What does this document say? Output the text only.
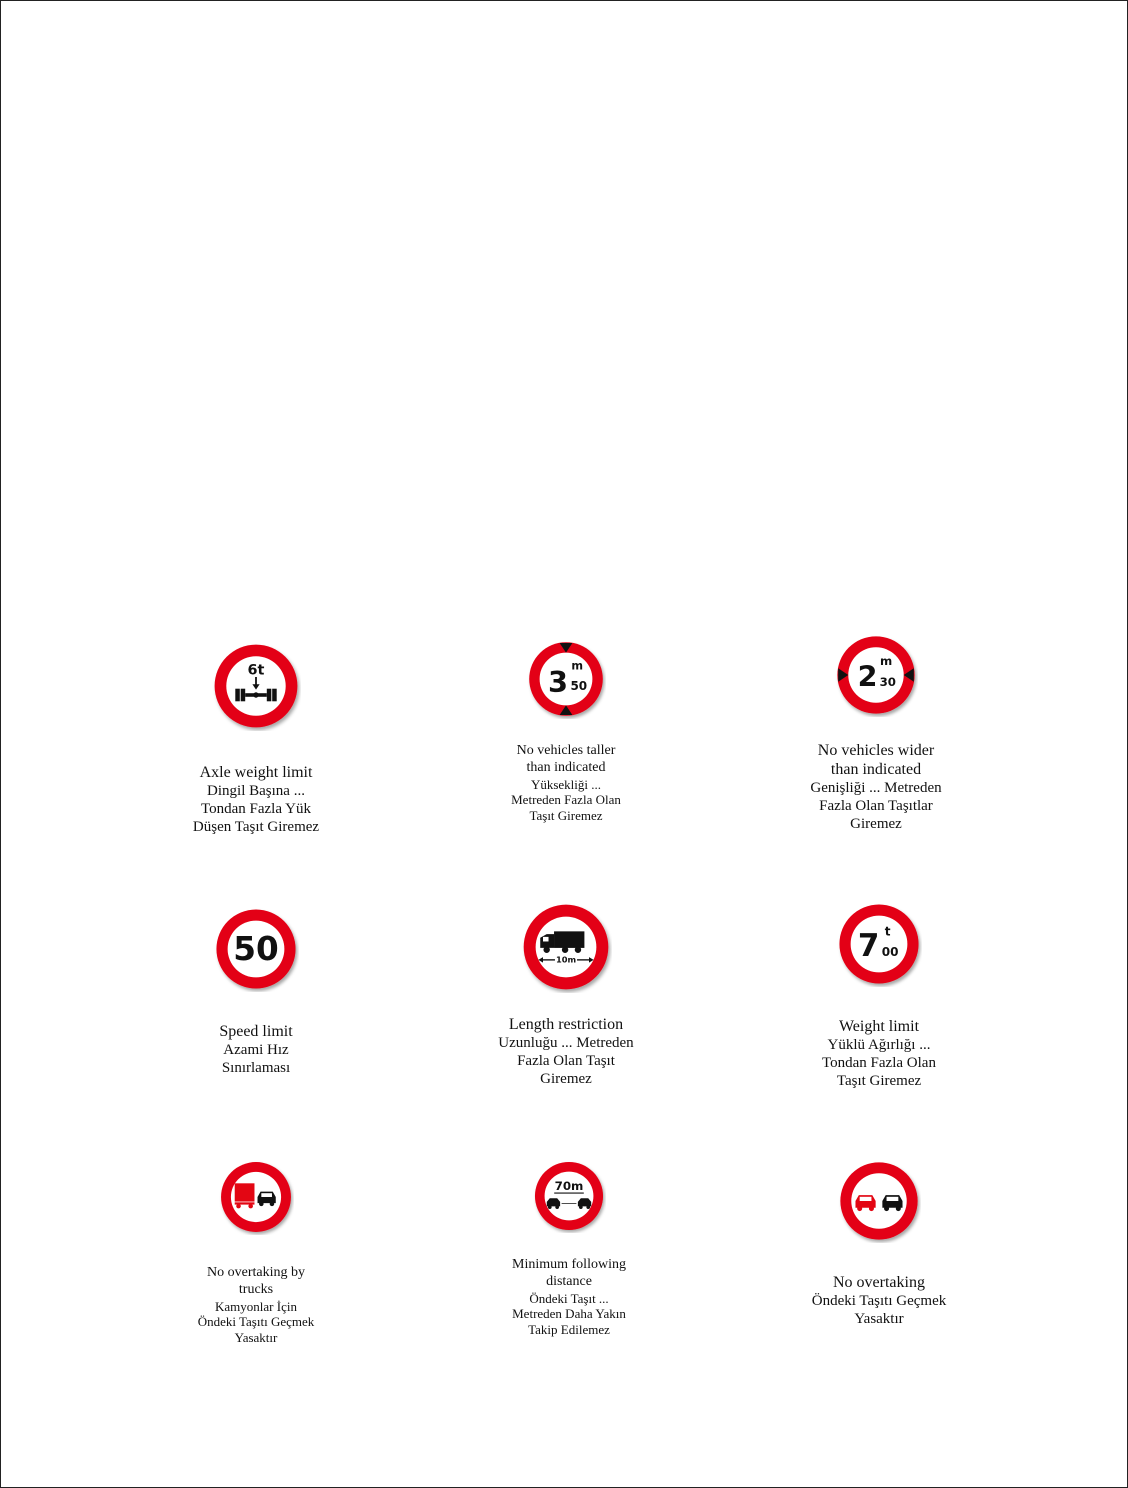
6t

Axle weight limit
Dingil Başına ...
Tondan Fazla Yük
Düşen Taşıt Giremez

3 m
50

No vehicles taller
than indicated
Yüksekliği ...
Metreden Fazla Olan
Taşıt Giremez

2 m
30

No vehicles wider
than indicated
Genişliği ... Metreden
Fazla Olan Taşıtlar
Giremez

50

Speed limit
Azami Hız
Sınırlaması

10m

Length restriction
Uzunluğu ... Metreden
Fazla Olan Taşıt
Giremez

7 t
00

Weight limit
Yüklü Ağırlığı ...
Tondan Fazla Olan
Taşıt Giremez

No overtaking by
trucks
Kamyonlar İçin
Öndeki Taşıtı Geçmek
Yasaktır

70m

Minimum following
distance
Öndeki Taşıt ...
Metreden Daha Yakın
Takip Edilemez

No overtaking
Öndeki Taşıtı Geçmek
Yasaktır
